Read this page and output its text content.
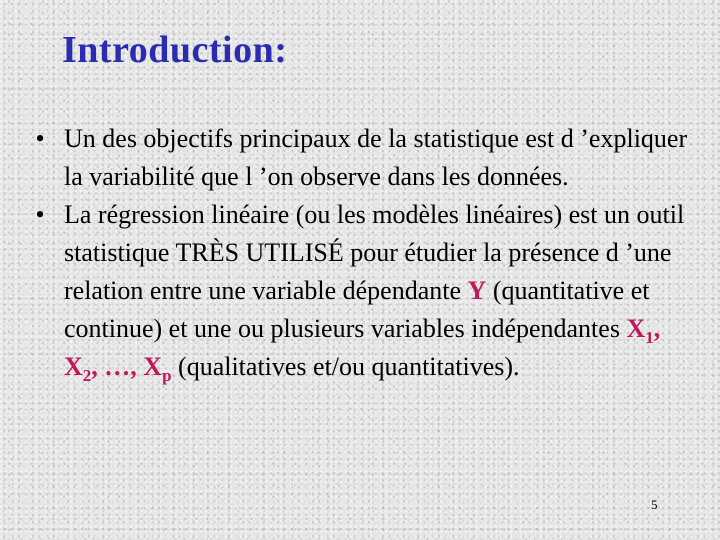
Introduction:
• Un des objectifs principaux de la statistique est d ’expliquer la variabilité que l ’on observe dans les données.
• La régression linéaire (ou les modèles linéaires) est un outil statistique TRÈS UTILISÉ pour étudier la présence d ’une relation entre une variable dépendante Y (quantitative et continue) et une ou plusieurs variables indépendantes $X_1$, $X_2$, …, $X_p$ (qualitatives et/ou quantitatives).
5
